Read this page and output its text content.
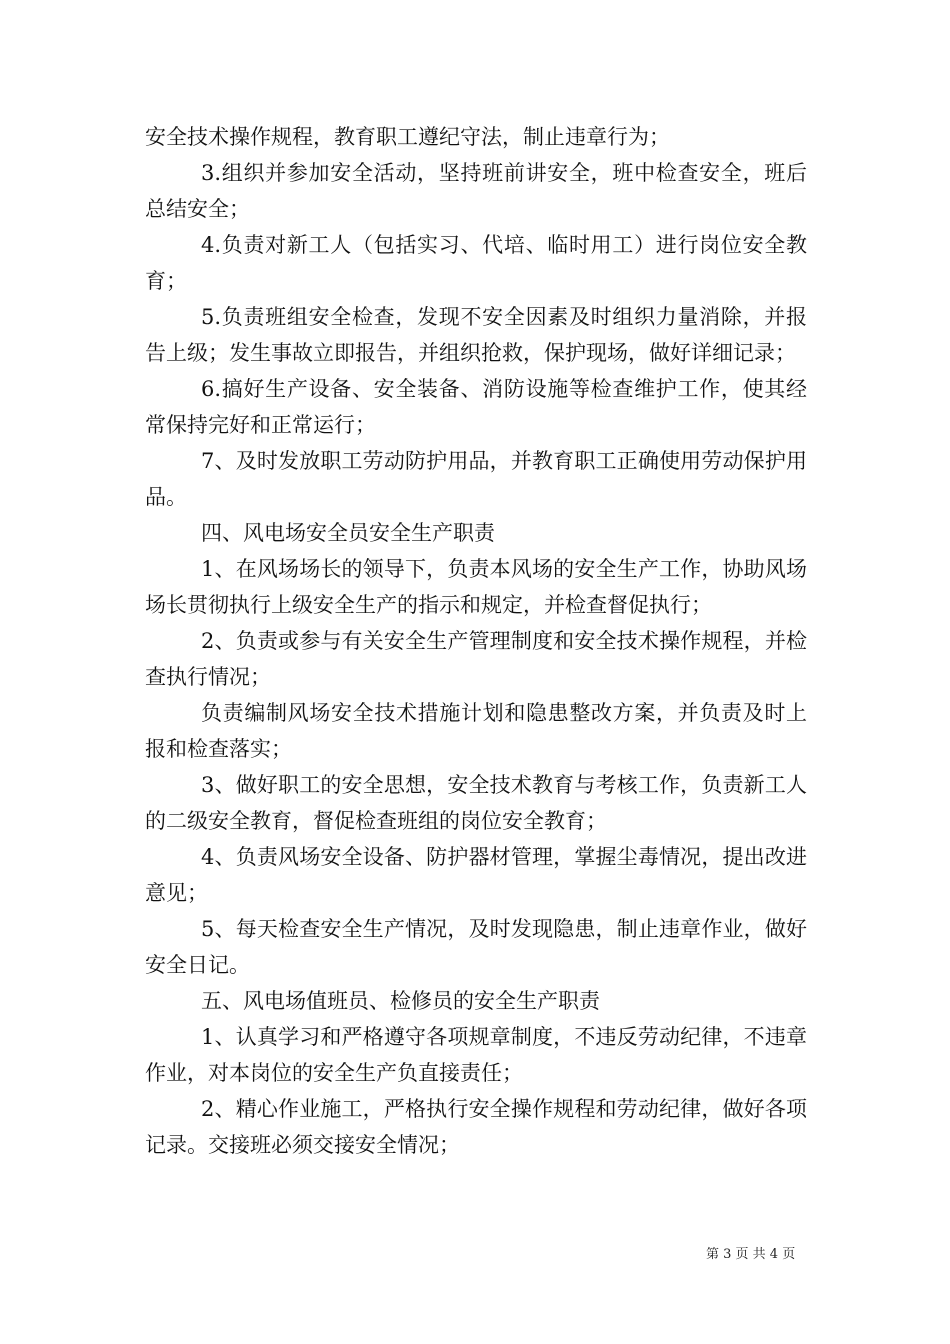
安全技术操作规程，教育职工遵纪守法，制止违章行为；

3.组织并参加安全活动，坚持班前讲安全，班中检查安全，班后总结安全；

4.负责对新工人（包括实习、代培、临时用工）进行岗位安全教育；

5.负责班组安全检查，发现不安全因素及时组织力量消除，并报告上级；发生事故立即报告，并组织抢救，保护现场，做好详细记录；

6.搞好生产设备、安全装备、消防设施等检查维护工作，使其经常保持完好和正常运行；

7、及时发放职工劳动防护用品，并教育职工正确使用劳动保护用品。

四、风电场安全员安全生产职责

1、在风场场长的领导下，负责本风场的安全生产工作，协助风场场长贯彻执行上级安全生产的指示和规定，并检查督促执行；

2、负责或参与有关安全生产管理制度和安全技术操作规程，并检查执行情况；

负责编制风场安全技术措施计划和隐患整改方案，并负责及时上报和检查落实；

3、做好职工的安全思想，安全技术教育与考核工作，负责新工人的二级安全教育，督促检查班组的岗位安全教育；

4、负责风场安全设备、防护器材管理，掌握尘毒情况，提出改进意见；

5、每天检查安全生产情况，及时发现隐患，制止违章作业，做好安全日记。

五、风电场值班员、检修员的安全生产职责

1、认真学习和严格遵守各项规章制度，不违反劳动纪律，不违章作业，对本岗位的安全生产负直接责任；

2、精心作业施工，严格执行安全操作规程和劳动纪律，做好各项记录。交接班必须交接安全情况；

第 3 页 共 4 页
